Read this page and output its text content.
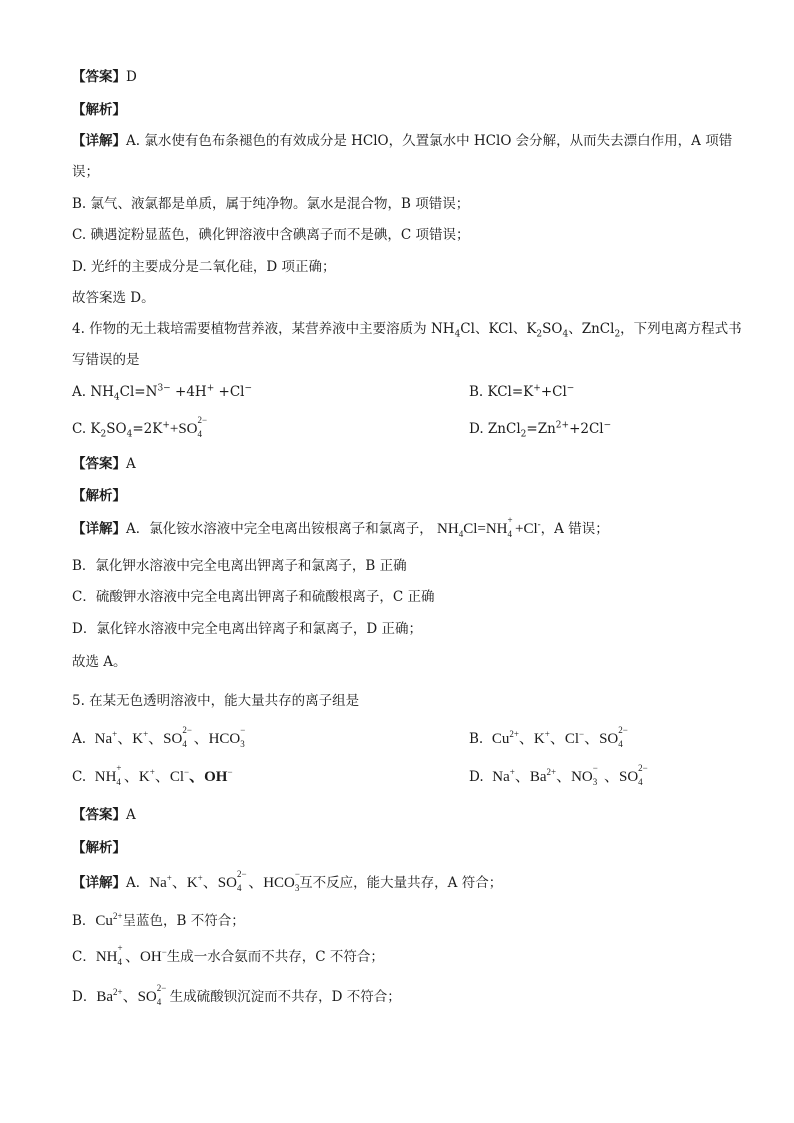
【答案】D
【解析】
【详解】A. 氯水使有色布条褪色的有效成分是 HClO，久置氯水中 HClO 会分解，从而失去漂白作用，A 项错
误；
B. 氯气、液氯都是单质，属于纯净物。氯水是混合物，B 项错误；
C. 碘遇淀粉显蓝色，碘化钾溶液中含碘离子而不是碘，C 项错误；
D. 光纤的主要成分是二氧化硅，D 项正确；
故答案选 D。
4. 作物的无土栽培需要植物营养液，某营养液中主要溶质为 $NH_4Cl$、KCl、$K_2SO_4$、ZnCl$_2$，下列电离方程式书
写错误的是
A. $NH_4Cl=N^{3-} +4H^+ +Cl^-$	B. KCl=K++Cl−
C. $K_2SO_4=2K^++SO$
2−
4	D. $ZnCl_2=Zn^{2+}+2Cl^-$
【答案】A
【解析】
【详解】A．氯化铵水溶液中完全电离出铵根离子和氯离子， $NH_4Cl=NH$
+
4 +Cl-，A 错误；
B．氯化钾水溶液中完全电离出钾离子和氯离子，B 正确
C．硫酸钾水溶液中完全电离出钾离子和硫酸根离子，C 正确
D．氯化锌水溶液中完全电离出锌离子和氯离子，D 正确；
故选 A。
5. 在某无色透明溶液中，能大量共存的离子组是
A. Na+、K+、SO
2−
4 、HCO
−
3	B. $Cu^{2+}$、K+、Cl−、SO
2−
4
C. NH
+
4 、K+、Cl−、OH−	D. Na+、$Ba^{2+}$、NO
−
3 、SO
2−
4
【答案】A
【解析】
【详解】A．Na+、K+、SO
2−
4 、HCO
−
3 互不反应，能大量共存，A 符合；
B．$Cu^{2+}$呈蓝色，B 不符合；
C．NH
+
4 、OH−生成一水合氨而不共存，C 不符合；
D．$Ba^{2+}$、SO
2−
4 生成硫酸钡沉淀而不共存，D 不符合；
